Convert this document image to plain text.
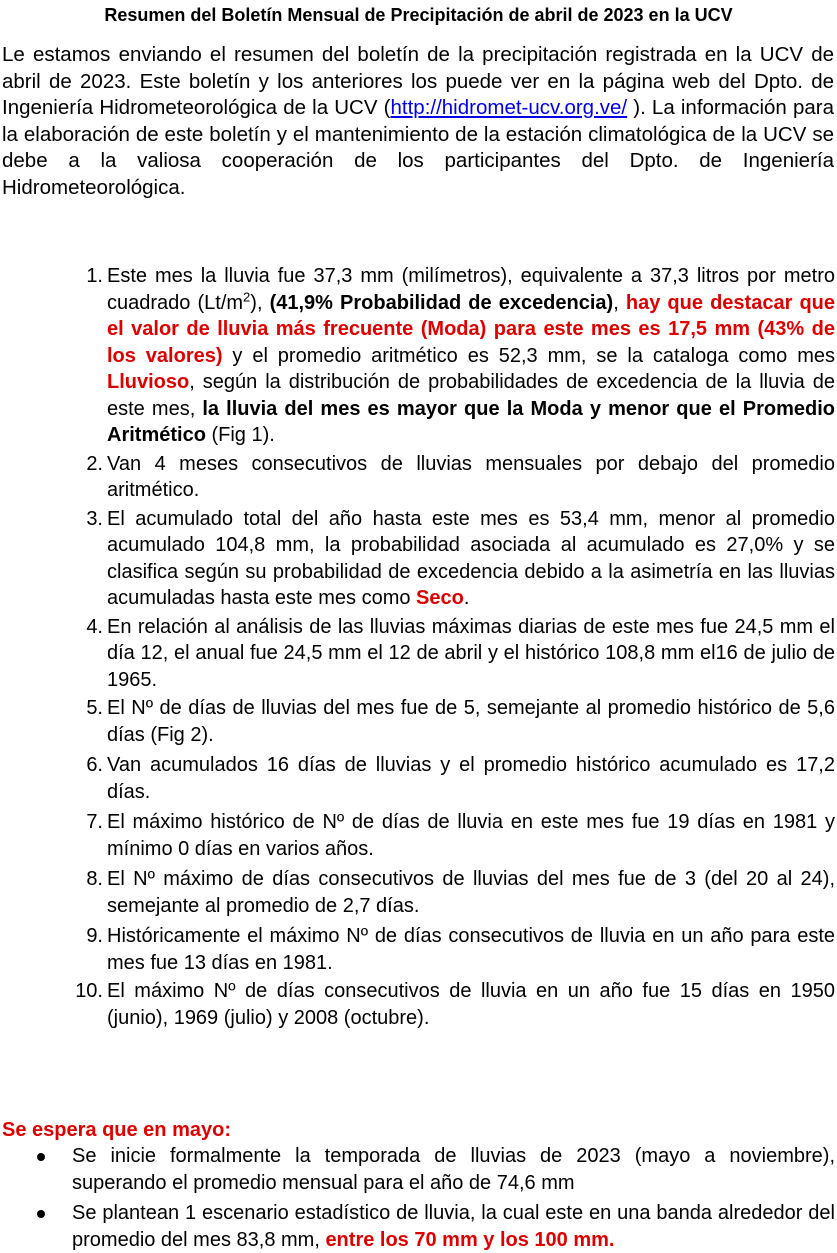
Resumen del Boletín Mensual de Precipitación de abril de 2023 en la UCV
Le estamos enviando el resumen del boletín de la precipitación registrada en la UCV de abril de 2023. Este boletín y los anteriores los puede ver en la página web del Dpto. de Ingeniería Hidrometeorológica de la UCV (http://hidromet-ucv.org.ve/ ). La información para la elaboración de este boletín y el mantenimiento de la estación climatológica de la UCV se debe a la valiosa cooperación de los participantes del Dpto. de Ingeniería Hidrometeorológica.
1. Este mes la lluvia fue 37,3 mm (milímetros), equivalente a 37,3 litros por metro cuadrado $(Lt/m^2)$, (41,9% Probabilidad de excedencia), hay que destacar que el valor de lluvia más frecuente (Moda) para este mes es 17,5 mm (43% de los valores) y el promedio aritmético es 52,3 mm, se la cataloga como mes Lluvioso, según la distribución de probabilidades de excedencia de la lluvia de este mes, la lluvia del mes es mayor que la Moda y menor que el Promedio Aritmético (Fig 1).
2. Van 4 meses consecutivos de lluvias mensuales por debajo del promedio aritmético.
3. El acumulado total del año hasta este mes es 53,4 mm, menor al promedio acumulado 104,8 mm, la probabilidad asociada al acumulado es 27,0% y se clasifica según su probabilidad de excedencia debido a la asimetría en las lluvias acumuladas hasta este mes como Seco.
4. En relación al análisis de las lluvias máximas diarias de este mes fue 24,5 mm el día 12, el anual fue 24,5 mm el 12 de abril y el histórico 108,8 mm el16 de julio de 1965.
5. El Nº de días de lluvias del mes fue de 5, semejante al promedio histórico de 5,6 días (Fig 2).
6. Van acumulados 16 días de lluvias y el promedio histórico acumulado es 17,2 días.
7. El máximo histórico de Nº de días de lluvia en este mes fue 19 días en 1981 y mínimo 0 días en varios años.
8. El Nº máximo de días consecutivos de lluvias del mes fue de 3 (del 20 al 24), semejante al promedio de 2,7 días.
9. Históricamente el máximo Nº de días consecutivos de lluvia en un año para este mes fue 13 días en 1981.
10. El máximo Nº de días consecutivos de lluvia en un año fue 15 días en 1950 (junio), 1969 (julio) y 2008 (octubre).
Se espera que en mayo:
Se inicie formalmente la temporada de lluvias de 2023 (mayo a noviembre), superando el promedio mensual para el año de 74,6 mm
Se plantean 1 escenario estadístico de lluvia, la cual este en una banda alrededor del promedio del mes 83,8 mm, entre los 70 mm y los 100 mm.
